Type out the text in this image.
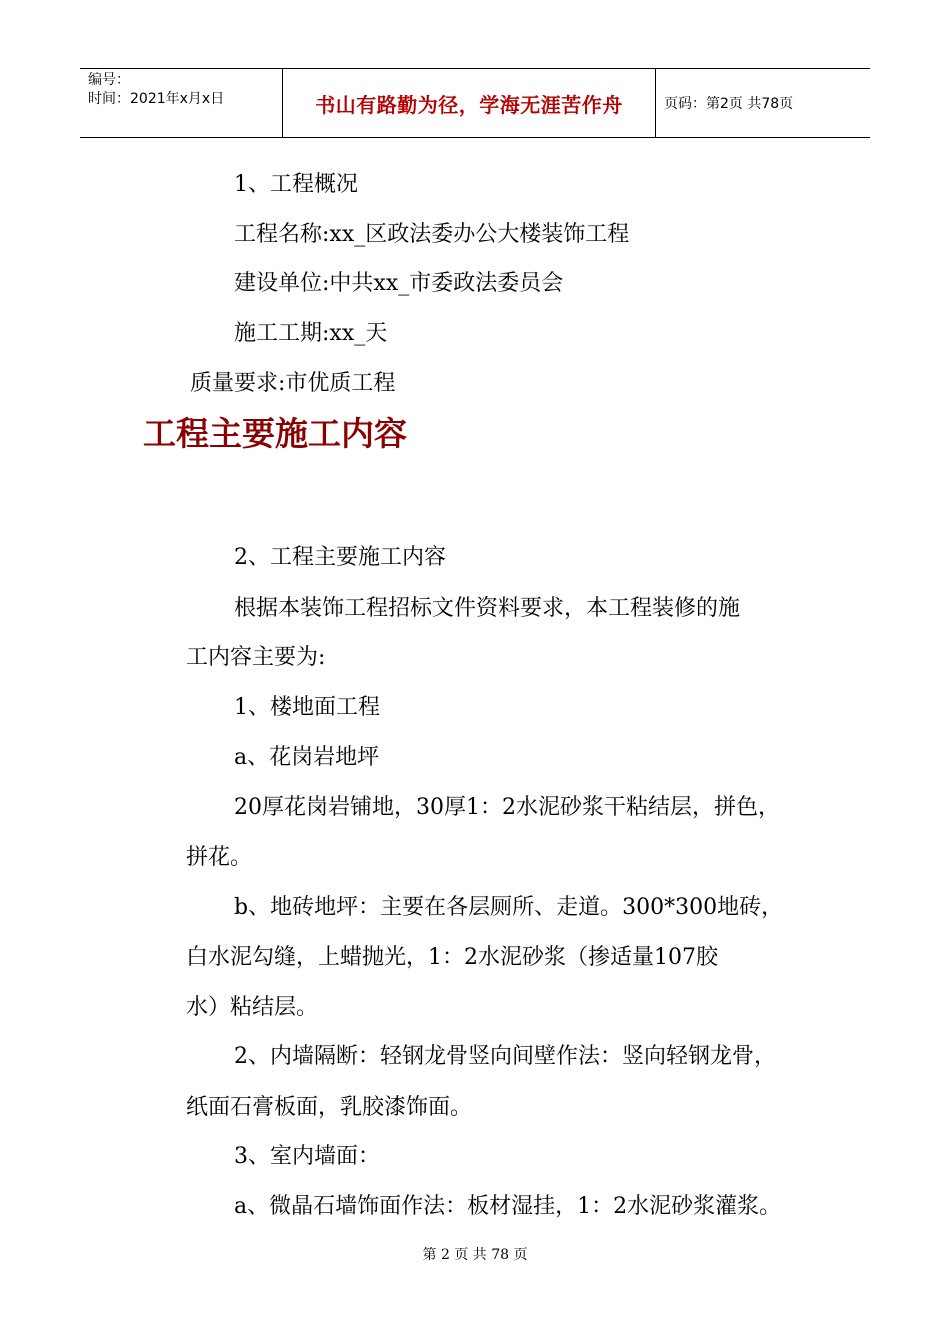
编号：
时间：2021年x月x日	书山有路勤为径，学海无涯苦作舟	页码：第2页 共78页
1、工程概况
工程名称:xx_区政法委办公大楼装饰工程
建设单位:中共xx_市委政法委员会
施工工期:xx_天
质量要求:市优质工程
工程主要施工内容
2、工程主要施工内容
根据本装饰工程招标文件资料要求，本工程装修的施
工内容主要为:
1、楼地面工程
a、花岗岩地坪
20厚花岗岩铺地，30厚1：2水泥砂浆干粘结层，拼色，
拼花。
b、地砖地坪：主要在各层厕所、走道。300*300地砖，
白水泥勾缝，上蜡抛光，1：2水泥砂浆（掺适量107胶
水）粘结层。
2、内墙隔断：轻钢龙骨竖向间壁作法：竖向轻钢龙骨，
纸面石膏板面，乳胶漆饰面。
3、室内墙面：
a、微晶石墙饰面作法：板材湿挂，1：2水泥砂浆灌浆。
第 2 页 共 78 页
